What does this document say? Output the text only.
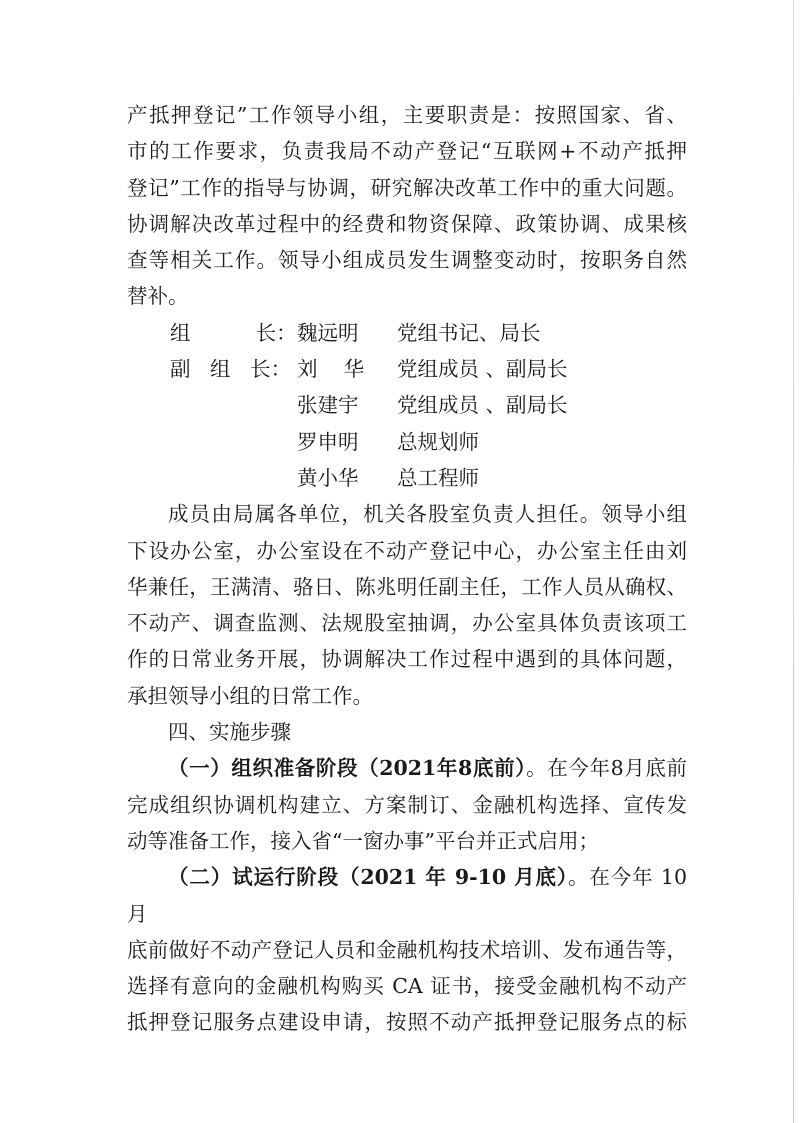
产抵押登记”工作领导小组，主要职责是：按照国家、省、

市的工作要求，负责我局不动产登记“互联网+不动产抵押

登记”工作的指导与协调，研究解决改革工作中的重大问题。

协调解决改革过程中的经费和物资保障、政策协调、成果核

查等相关工作。领导小组成员发生调整变动时，按职务自然

替补。

组          长： 魏远明 党组书记、局长
副   组   长： 刘    华 党组成员 、副局长
张建宇 党组成员 、副局长
罗申明 总规划师
黄小华 总工程师

成员由局属各单位，机关各股室负责人担任。领导小组

下设办公室，办公室设在不动产登记中心，办公室主任由刘

华兼任，王满清、骆日、陈兆明任副主任，工作人员从确权、

不动产、调查监测、法规股室抽调，办公室具体负责该项工

作的日常业务开展，协调解决工作过程中遇到的具体问题，

承担领导小组的日常工作。

四、实施步骤

（一）组织准备阶段（2021年8底前）。在今年8月底前

完成组织协调机构建立、方案制订、金融机构选择、宣传发

动等准备工作，接入省“一窗办事”平台并正式启用；

（二）试运行阶段（2021 年 9-10 月底）。在今年 10 月

底前做好不动产登记人员和金融机构技术培训、发布通告等，

选择有意向的金融机构购买 CA 证书，接受金融机构不动产

抵押登记服务点建设申请，按照不动产抵押登记服务点的标
